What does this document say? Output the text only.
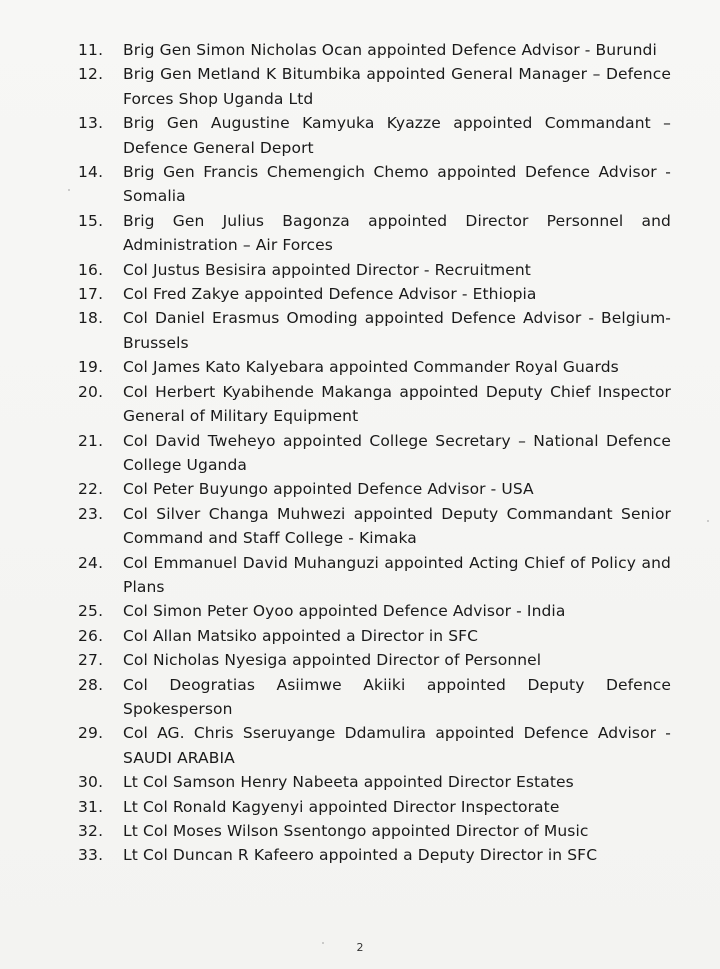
11.	Brig Gen Simon Nicholas Ocan appointed Defence Advisor - Burundi
12.	Brig Gen Metland K Bitumbika appointed General Manager – Defence Forces Shop Uganda Ltd
13.	Brig Gen Augustine Kamyuka Kyazze appointed Commandant – Defence General Deport
14.	Brig Gen Francis Chemengich Chemo appointed Defence Advisor - Somalia
15.	Brig Gen Julius Bagonza appointed Director Personnel and Administration – Air Forces
16.	Col Justus Besisira appointed Director - Recruitment
17.	Col Fred Zakye appointed Defence Advisor - Ethiopia
18.	Col Daniel Erasmus Omoding appointed Defence Advisor - Belgium-Brussels
19.	Col James Kato Kalyebara appointed Commander Royal Guards
20.	Col Herbert Kyabihende Makanga appointed Deputy Chief Inspector General of Military Equipment
21.	Col David Tweheyo appointed College Secretary – National Defence College Uganda
22.	Col Peter Buyungo appointed Defence Advisor - USA
23.	Col Silver Changa Muhwezi appointed Deputy Commandant Senior Command and Staff College - Kimaka
24.	Col Emmanuel David Muhanguzi appointed Acting Chief of Policy and Plans
25.	Col Simon Peter Oyoo appointed Defence Advisor - India
26.	Col Allan Matsiko appointed a Director in SFC
27.	Col Nicholas Nyesiga appointed Director of Personnel
28.	Col Deogratias Asiimwe Akiiki appointed Deputy Defence Spokesperson
29.	Col AG. Chris Sseruyange Ddamulira appointed Defence Advisor - SAUDI ARABIA
30.	Lt Col Samson Henry Nabeeta appointed Director Estates
31.	Lt Col Ronald Kagyenyi appointed Director Inspectorate
32.	Lt Col Moses Wilson Ssentongo appointed Director of Music
33.	Lt Col Duncan R Kafeero appointed a Deputy Director in SFC
2
